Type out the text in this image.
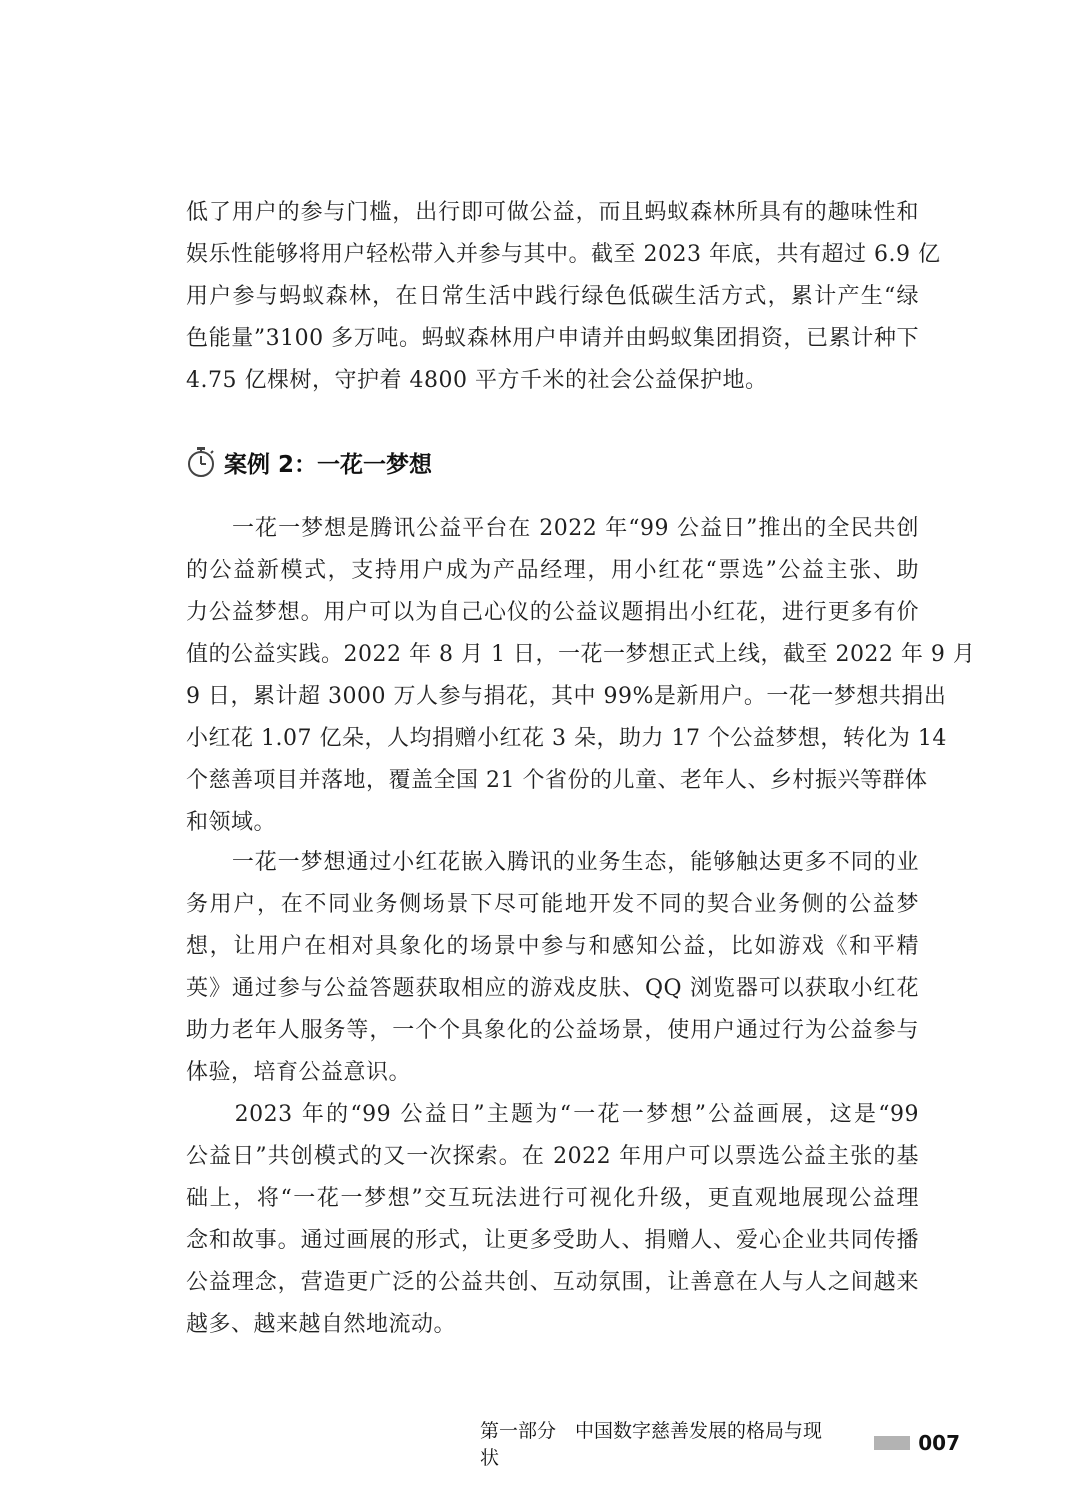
低了用户的参与门槛，出行即可做公益，而且蚂蚁森林所具有的趣味性和
娱乐性能够将用户轻松带入并参与其中。截至 2023 年底，共有超过 6.9 亿
用户参与蚂蚁森林，在日常生活中践行绿色低碳生活方式，累计产生“绿
色能量”3100 多万吨。蚂蚁森林用户申请并由蚂蚁集团捐资，已累计种下
4.75 亿棵树，守护着 4800 平方千米的社会公益保护地。
案例 2：一花一梦想
　　一花一梦想是腾讯公益平台在 2022 年“99 公益日”推出的全民共创
的公益新模式，支持用户成为产品经理，用小红花“票选”公益主张、助
力公益梦想。用户可以为自己心仪的公益议题捐出小红花，进行更多有价
值的公益实践。2022 年 8 月 1 日，一花一梦想正式上线，截至 2022 年 9 月
9 日，累计超 3000 万人参与捐花，其中 99%是新用户。一花一梦想共捐出
小红花 1.07 亿朵，人均捐赠小红花 3 朵，助力 17 个公益梦想，转化为 14
个慈善项目并落地，覆盖全国 21 个省份的儿童、老年人、乡村振兴等群体
和领域。
　　一花一梦想通过小红花嵌入腾讯的业务生态，能够触达更多不同的业
务用户，在不同业务侧场景下尽可能地开发不同的契合业务侧的公益梦
想，让用户在相对具象化的场景中参与和感知公益，比如游戏《和平精
英》通过参与公益答题获取相应的游戏皮肤、QQ 浏览器可以获取小红花
助力老年人服务等，一个个具象化的公益场景，使用户通过行为公益参与
体验，培育公益意识。
　　2023 年的“99 公益日”主题为“一花一梦想”公益画展，这是“99
公益日”共创模式的又一次探索。在 2022 年用户可以票选公益主张的基
础上，将“一花一梦想”交互玩法进行可视化升级，更直观地展现公益理
念和故事。通过画展的形式，让更多受助人、捐赠人、爱心企业共同传播
公益理念，营造更广泛的公益共创、互动氛围，让善意在人与人之间越来
越多、越来越自然地流动。
第一部分　中国数字慈善发展的格局与现状
007
